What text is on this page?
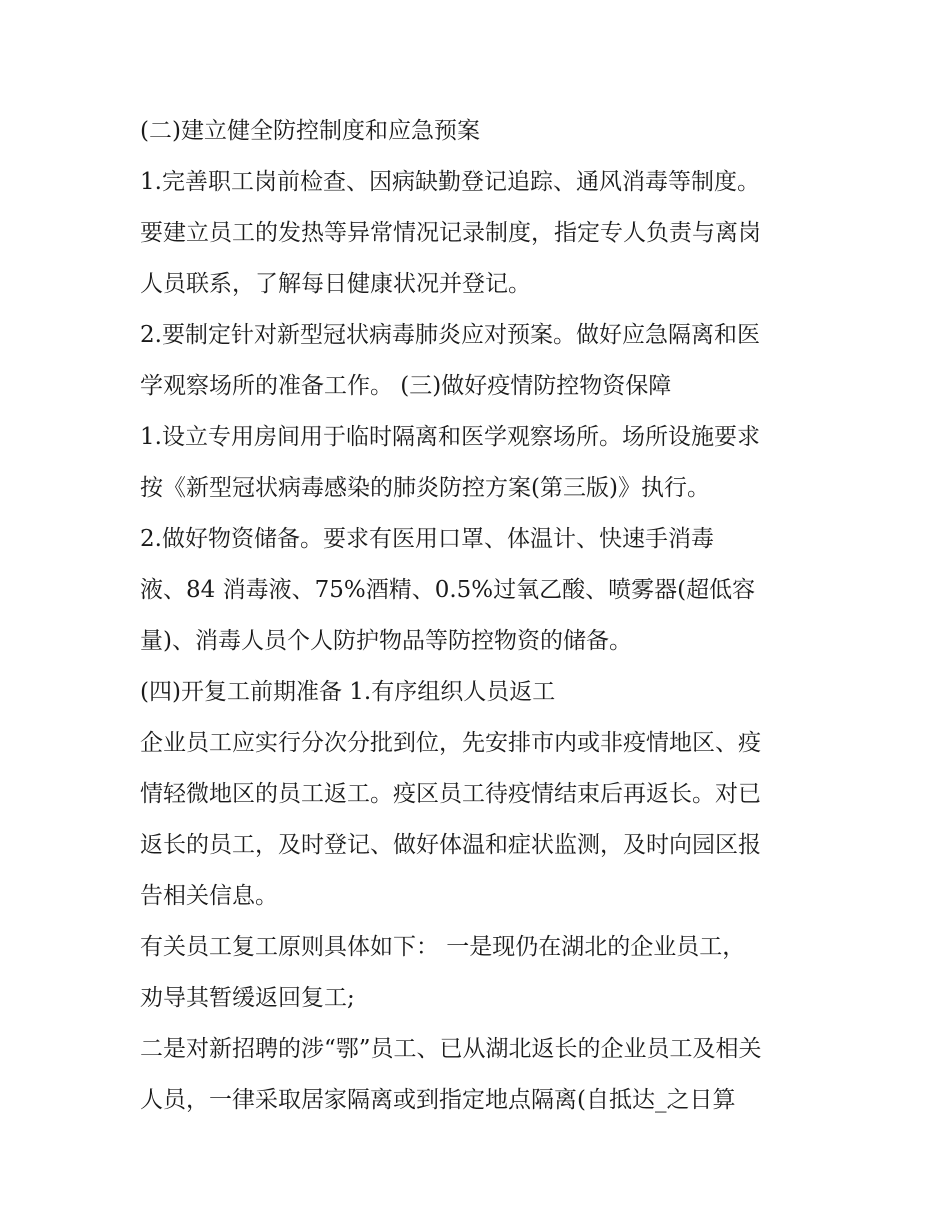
(二)建立健全防控制度和应急预案
1.完善职工岗前检查、因病缺勤登记追踪、通风消毒等制度。
要建立员工的发热等异常情况记录制度，指定专人负责与离岗
人员联系，了解每日健康状况并登记。
2.要制定针对新型冠状病毒肺炎应对预案。做好应急隔离和医
学观察场所的准备工作。 (三)做好疫情防控物资保障
1.设立专用房间用于临时隔离和医学观察场所。场所设施要求
按《新型冠状病毒感染的肺炎防控方案(第三版)》执行。
2.做好物资储备。要求有医用口罩、体温计、快速手消毒
液、84 消毒液、75%酒精、0.5%过氧乙酸、喷雾器(超低容
量)、消毒人员个人防护物品等防控物资的储备。
(四)开复工前期准备 1.有序组织人员返工
企业员工应实行分次分批到位，先安排市内或非疫情地区、疫
情轻微地区的员工返工。疫区员工待疫情结束后再返长。对已
返长的员工，及时登记、做好体温和症状监测，及时向园区报
告相关信息。
有关员工复工原则具体如下： 一是现仍在湖北的企业员工，
劝导其暂缓返回复工;
二是对新招聘的涉“鄂”员工、已从湖北返长的企业员工及相关
人员，一律采取居家隔离或到指定地点隔离(自抵达_之日算
